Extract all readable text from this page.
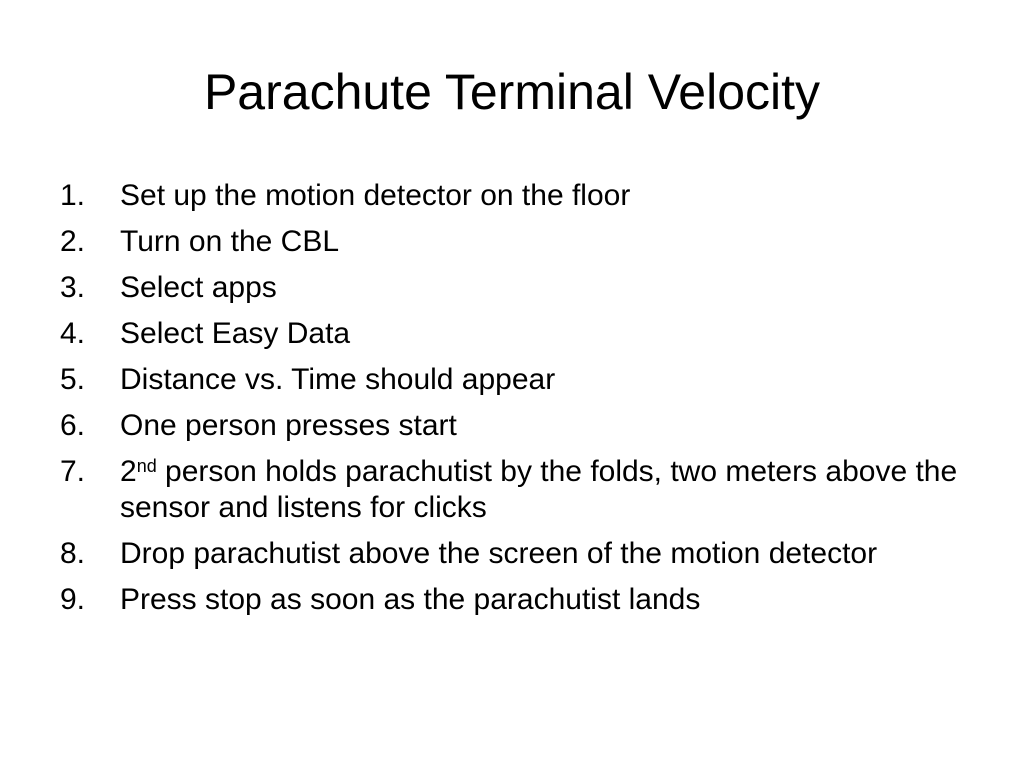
Parachute Terminal Velocity
1.	Set up the motion detector on the floor
2.	Turn on the CBL
3.	Select apps
4.	Select Easy Data
5.	Distance vs. Time should appear
6.	One person presses start
7.	2nd person holds parachutist by the folds, two meters above the sensor and listens for clicks
8.	Drop parachutist above the screen of the motion detector
9.	Press stop as soon as the parachutist lands
